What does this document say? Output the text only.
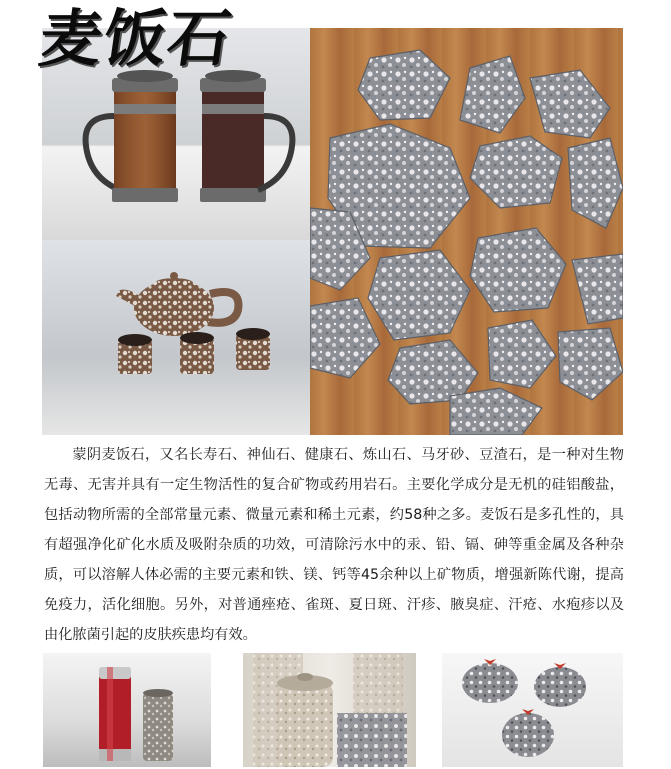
麦饭石

蒙阴麦饭石，又名长寿石、神仙石、健康石、炼山石、马牙砂、豆渣石，是一种对生物无毒、无害并具有一定生物活性的复合矿物或药用岩石。主要化学成分是无机的硅铝酸盐，包括动物所需的全部常量元素、微量元素和稀土元素，约58种之多。麦饭石是多孔性的，具有超强净化矿化水质及吸附杂质的功效，可清除污水中的汞、铅、镉、砷等重金属及各种杂质，可以溶解人体必需的主要元素和铁、镁、钙等45余种以上矿物质，增强新陈代谢，提高免疫力，活化细胞。另外，对普通痤疮、雀斑、夏日斑、汗疹、腋臭症、汗疮、水疱疹以及由化脓菌引起的皮肤疾患均有效。
